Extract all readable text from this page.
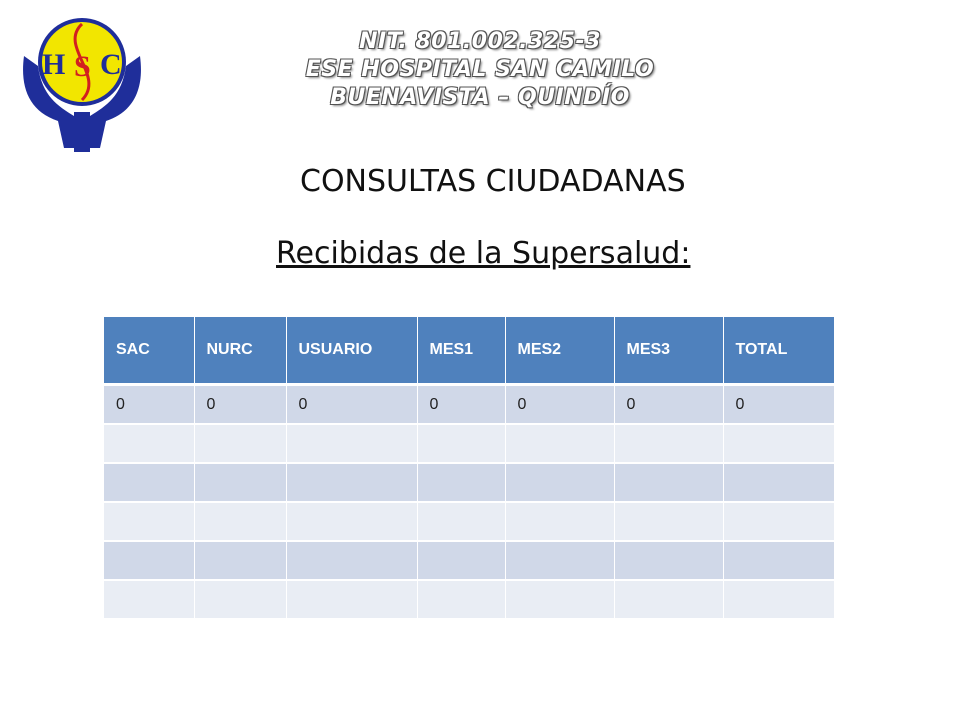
H S C
NIT. 801.002.325-3
ESE HOSPITAL SAN CAMILO
BUENAVISTA – QUINDÍO
CONSULTAS CIUDADANAS
Recibidas de la Supersalud:
SAC	NURC	USUARIO	MES1	MES2	MES3	TOTAL
0	0	0	0	0	0	0
